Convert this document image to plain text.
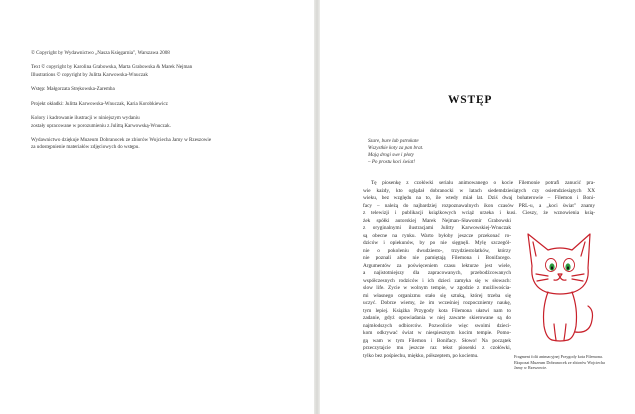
© Copyright by Wydawnictwo „Nasza Księgarnia", Warszawa 2008

Text © copyright by Karolina Grabowska, Marta Grabowska & Marek Nejman
Illustrations © copyright by Julitta Karwowska-Wnuczak

Wstęp: Małgorzata Strękowska-Zaremba

Projekt okładki: Julitta Karwowska-Wnuczak, Karia Korobkiewicz

Kolory i kadrowanie ilustracji w niniejszym wydaniu
zostały opracowane w porozumieniu z Julittą Karwowską-Wnuczak.

Wydawnictwo dziękuje Muzeum Dobranocek ze zbiorów Wojciecha Jamy w Rzeszowie
za udostępnienie materiałów zdjęciowych do wstępu.

WSTĘP
Szare, bure lub pstrokate
Wszystkie koty za pan brat.
Mają drogi swe i płoty
– Po prostu koci świat!
Tę piosenkę z czołówki serialu animowanego o kocie Filemonie potrafi zanucić pra-
wie każdy, kto oglądał dobranocki w latach siedemdziesiątych czy osiemdziesiątych XX
wieku, bez względu na to, ile wtedy miał lat. Dziś dwaj bohaterowie – Filemon i Boni-
facy – należą do najbardziej rozpoznawalnych ikon czasów PRL-u, a „koci świat" znamy
z telewizji i publikacji książkowych wciąż urzeka i kusi. Cieszy, że wznowienia ksią-
żek spółki autorskiej Marek Nejman–Sławomir Grabowski
z oryginalnymi ilustracjami Julitty Karwowskiej-Wnuczak
są obecne na rynku. Warto byłoby jeszcze przekonać ro-
dziców i opiekunów, by po nie sięgnęli. Mylę szczegól-
nie o pokoleniu dwudziesto-, trzydziestolatków, którzy
nie poznali albo nie pamiętają Filemona i Bonifacego.
Argumentów za poświęceniem czasu lekturze jest wiele,
a najistotniejszy dla zapracowanych, przebodźcowanych
współczesnych rodziców i ich dzieci zamyka się w słowach:
slow life. Życie w wolnym tempie, w zgodzie z możliwościa-
mi własnego organizmu stało się sztuką, której trzeba się
uczyć. Dobrze wiemy, że im wcześniej rozpoczniemy naukę,
tym lepiej. Książka Przygody kota Filemona ułatwi nam to
zadanie, gdyż opowiadania w niej zawarte skierowane są do
najmłodszych odbiorców. Pozwolicie więc swoimi dzieci-
kom odkrywać świat w niespiesznym kocim tempie. Pomo-
gą wam w tym Filemon i Bonifacy. Słowo! Na początek
przeczytajcie mu jeszcze raz tekst piosenki z czołówki,
tylko bez pośpiechu, miękko, półszeptem, po kociemu.	Fragment folii animacyjnej Przygody kota Filemona. Ekspozat Muzeum Dobranocek ze zbiorów Wojciecha Jamy w Rzeszowie.
